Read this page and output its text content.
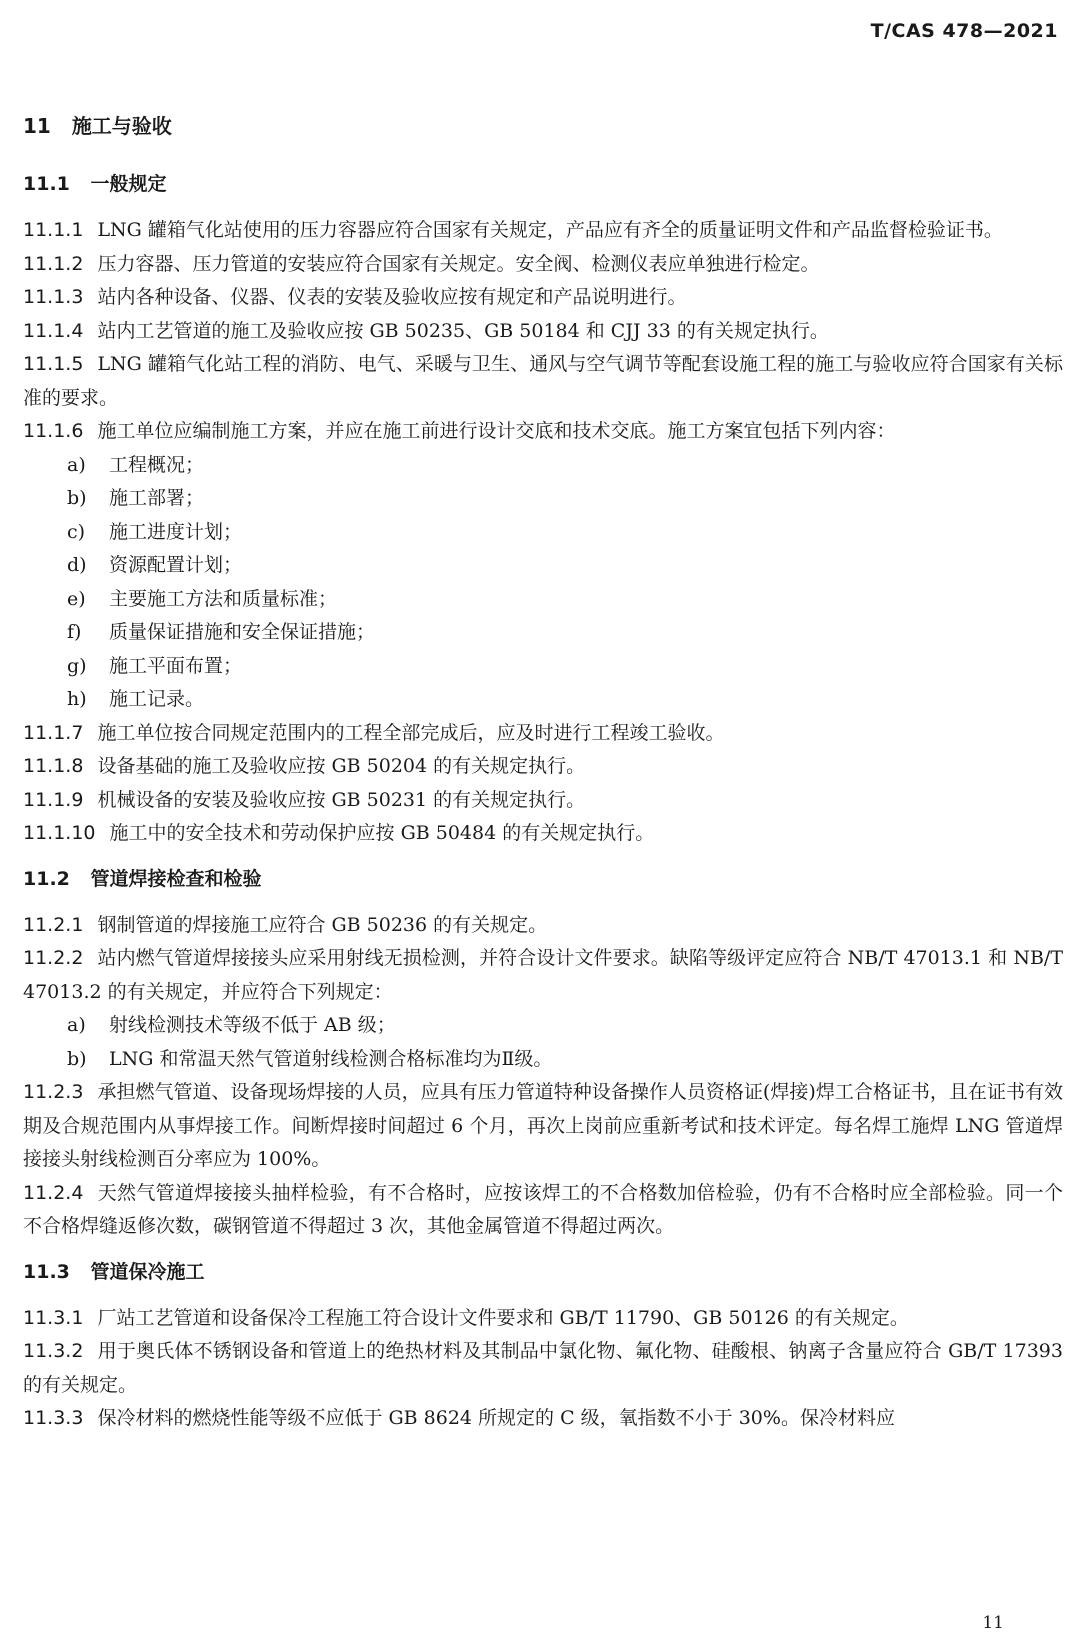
T/CAS 478—2021
11 施工与验收
11.1 一般规定

11.1.1 LNG 罐箱气化站使用的压力容器应符合国家有关规定，产品应有齐全的质量证明文件和产品监督检验证书。

11.1.2 压力容器、压力管道的安装应符合国家有关规定。安全阀、检测仪表应单独进行检定。

11.1.3 站内各种设备、仪器、仪表的安装及验收应按有规定和产品说明进行。

11.1.4 站内工艺管道的施工及验收应按 GB 50235、GB 50184 和 CJJ 33 的有关规定执行。

11.1.5 LNG 罐箱气化站工程的消防、电气、采暖与卫生、通风与空气调节等配套设施工程的施工与验收应符合国家有关标准的要求。

11.1.6 施工单位应编制施工方案，并应在施工前进行设计交底和技术交底。施工方案宜包括下列内容：

a) 工程概况；
b) 施工部署；
c) 施工进度计划；
d) 资源配置计划；
e) 主要施工方法和质量标准；
f) 质量保证措施和安全保证措施；
g) 施工平面布置；
h) 施工记录。

11.1.7 施工单位按合同规定范围内的工程全部完成后，应及时进行工程竣工验收。

11.1.8 设备基础的施工及验收应按 GB 50204 的有关规定执行。

11.1.9 机械设备的安装及验收应按 GB 50231 的有关规定执行。

11.1.10 施工中的安全技术和劳动保护应按 GB 50484 的有关规定执行。

11.2 管道焊接检查和检验

11.2.1 钢制管道的焊接施工应符合 GB 50236 的有关规定。

11.2.2 站内燃气管道焊接接头应采用射线无损检测，并符合设计文件要求。缺陷等级评定应符合 NB/T 47013.1 和 NB/T 47013.2 的有关规定，并应符合下列规定：

a) 射线检测技术等级不低于 AB 级；
b) LNG 和常温天然气管道射线检测合格标准均为Ⅱ级。

11.2.3 承担燃气管道、设备现场焊接的人员，应具有压力管道特种设备操作人员资格证(焊接)焊工合格证书，且在证书有效期及合规范围内从事焊接工作。间断焊接时间超过 6 个月，再次上岗前应重新考试和技术评定。每名焊工施焊 LNG 管道焊接接头射线检测百分率应为 100%。

11.2.4 天然气管道焊接接头抽样检验，有不合格时，应按该焊工的不合格数加倍检验，仍有不合格时应全部检验。同一个不合格焊缝返修次数，碳钢管道不得超过 3 次，其他金属管道不得超过两次。

11.3 管道保冷施工

11.3.1 厂站工艺管道和设备保冷工程施工符合设计文件要求和 GB/T 11790、GB 50126 的有关规定。

11.3.2 用于奥氏体不锈钢设备和管道上的绝热材料及其制品中氯化物、氟化物、硅酸根、钠离子含量应符合 GB/T 17393 的有关规定。

11.3.3 保冷材料的燃烧性能等级不应低于 GB 8624 所规定的 C 级，氧指数不小于 30%。保冷材料应

11
